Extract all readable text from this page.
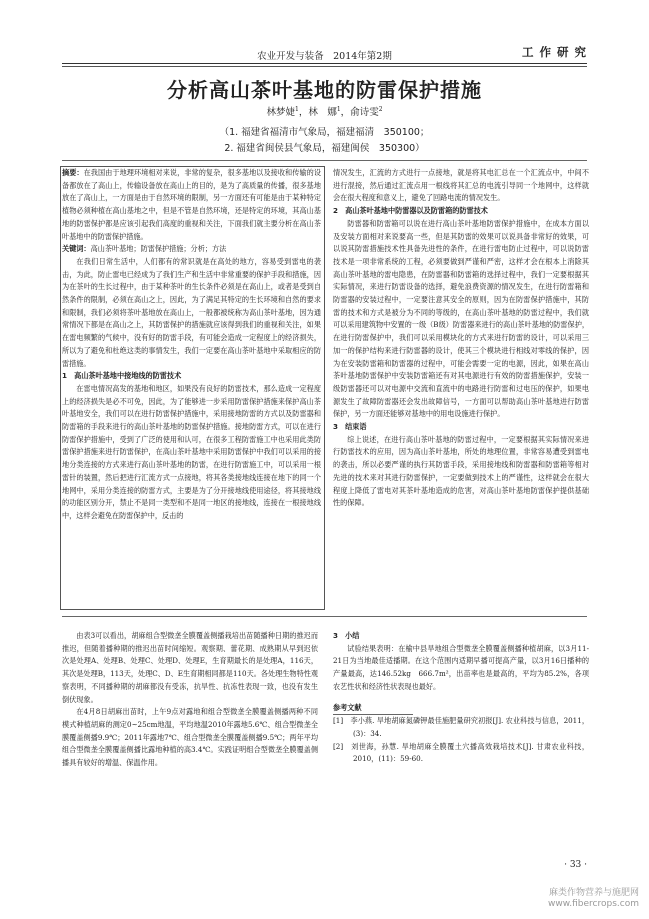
农业开发与装备　2014年第2期	工 作 研 究
分析高山茶叶基地的防雷保护措施
林梦婕$^1$，林　娜$^1$，俞诗雯$^2$
（1. 福建省福清市气象局，福建福清　350100；
2. 福建省闽侯县气象局，福建闽侯　350300）

摘要：在我国由于地理环境相对来说，非常的复杂，很多基地以及接收和传输的设备都放在了高山上，传输设备放在高山上的目的，是为了高质量的传播，很多基地放在了高山上，一方面是由于自然环境的限制，另一方面还有可能是由于某种特定植物必须种植在高山基地之中，但是不管是自然环境，还是特定的环境，其高山基地的防雷保护都是应该引起我们高度的重视和关注，下面我们就主要分析在高山茶叶基地中的防雷保护措施。

关键词：高山茶叶基地；防雷保护措施；分析；方法

在我们日常生活中，人们都有的常识就是在高处的地方，容易受到雷电的袭击，为此，防止雷电已经成为了我们生产和生活中非常重要的保护手段和措施，因为在茶叶的生长过程中，由于某种茶叶的生长条件必须是在高山上，或者是受到自然条件的限制，必须在高山之上，因此，为了满足其特定的生长环境和自然的要求和限制，我们必须将茶叶基地放在高山上，一般都被统称为高山茶叶基地，因为通常情况下都是在高山之上，其防雷保护的措施就应该得到我们的重视和关注，如果在雷电频繁的气候中，没有好的防雷手段，有可能会造成一定程度上的经济损失，所以为了避免和杜绝这类的事情发生，我们一定要在高山茶叶基地中采取相应的防雷措施。

1　高山茶叶基地中接地线的防雷技术

在雷电情况高发的基地和地区，如果没有良好的防雷技术，那么造成一定程度上的经济损失是必不可免，因此，为了能够进一步采用防雷保护措施来保护高山茶叶基地安全，我们可以在进行防雷保护措施中，采用接地防雷的方式以及防雷器和防雷箱的手段来进行的高山茶叶基地的防雷保护措施。接地防雷方式，可以在进行防雷保护措施中，受到了广泛的使用和认可，在很多工程防雷施工中也采用此类防雷保护措施来进行防雷保护，在高山茶叶基地中采用防雷保护中我们可以采用的接地分类连接的方式来进行高山茶叶基地的防雷，在进行防雷施工中，可以采用一根雷针的装置，然后把进行汇流方式一点接地，将其各类接地线连接在地下的同一个地网中，采用分类连接的防雷方式，主要是为了分开接地线使用途径，将其接地线的功能区别分开，禁止不是同一类型和不是同一地区的接地线，连接在一根接地线中，这样会避免在防雷保护中，反击的

情况发生，汇流的方式进行一点接地，就是将其电汇总在一个汇流点中，中间不进行混接，然后通过汇流点用一根线将其汇总的电流引导同一个地网中，这样就会在很大程度和意义上，避免了回路电流的情况发生。

2　高山茶叶基地中防雷器以及防雷箱的防雷技术

防雷器和防雷箱可以说在进行高山茶叶基地防雷保护措施中，在成本方面以及安装方面相对来说要高一些，但是其防雷的效果可以说具备非常好的效果，可以说其防雷措施技术性具备先进性的条件，在进行雷电防止过程中，可以说防雷技术是一项非常系统的工程，必须要做到严谨和严密，这样才会在根本上消除其高山茶叶基地的雷电隐患，在防雷器和防雷箱的选择过程中，我们一定要根据其实际情况，来进行防雷设备的选择，避免浪费资源的情况发生，在进行防雷箱和防雷器的安装过程中，一定要注意其安全的原则，因为在防雷保护措施中，其防雷的技术和方式是被分为不同的等级的，在高山茶叶基地的防雷过程中，我们就可以采用建筑物中安置的一级（B级）防雷器来进行的高山茶叶基地的防雷保护，在进行防雷保护中，我们可以采用模块化的方式来进行防雷的设计，可以采用三加一的保护结构来进行防雷器的设计，使其三个模块进行相线对零线的保护，因为在安装防雷箱和防雷器的过程中，可能会需要一定的电源，因此，如果在高山茶叶基地防雷保护中安装防雷箱还有对其电源进行有效的防雷措施保护，安装一级防雷器还可以对电源中交流和直流中的电路进行防雷和过电压的保护，如果电源发生了故障防雷器还会发出故障信号，一方面可以帮助高山茶叶基地进行防雷保护，另一方面还能够对基地中的用电设施进行保护。

3　结束语

综上说述，在进行高山茶叶基地的防雷过程中，一定要根据其实际情况来进行防雷技术的应用，因为高山茶叶基地，所处的地理位置，非常容易遭受到雷电的袭击，所以必要严谨的执行其防雷手段，采用接地线和防雷器和防雷箱等相对先进的技术来对其进行防雷保护，一定要做到技术上的严谨性，这样就会在很大程度上降低了雷电对其茶叶基地造成的危害，对高山茶叶基地防雷保护提供基础性的保障。

由表3可以看出，胡麻组合型微垄全膜覆盖侧播栽培出苗随播种日期的推迟而推迟，但随着播种期的推迟出苗时间缩短。观察期、蕾花期、成熟期从早到迟依次是处理A、处理B、处理C、处理D、处理E，生育期最长的是处理A，116天，其次是处理B，113天，处理C、D、E生育期相同都是110天。各处理生物特性观察表明，不同播种期的胡麻都没有受冻，抗旱性、抗冻性表现一致，也没有发生倒伏现象。

在4月8日胡麻出苗时，上午9点对露地和组合型微垄全膜覆盖侧播两种不同模式种植胡麻的测定0~25cm地温，平均地温2010年露地5.6℃、组合型微垄全膜覆盖侧播9.9℃；2011年露地7℃、组合型微垄全膜覆盖侧播9.5℃；两年平均组合型微垄全膜覆盖侧播比露地种植的高3.4℃。实践证明组合型微垄全膜覆盖侧播具有较好的增温、保温作用。

3　小结

试验结果表明：在榆中县旱地组合型微垄全膜覆盖侧播种植胡麻，以3月11-21日为当地最佳适播期。在这个范围内适期早播可提高产量，以3月16日播种的产量最高，达146.52kg　666.7m²，出苗率也是最高的，平均为85.2%，各项农艺性状和经济性状表现也最好。

参考文献

[1]　李小燕. 旱地胡麻氮磷钾最佳施肥量研究初报[J]. 农业科技与信息，2011，(3)：34.

[2]　刘世海，孙慧. 旱地胡麻全膜覆土穴播高效栽培技术[J]. 甘肃农业科技，2010，(11)：59-60.

· 33 ·
麻类作物营养与施肥网
www.fibercrops.com
